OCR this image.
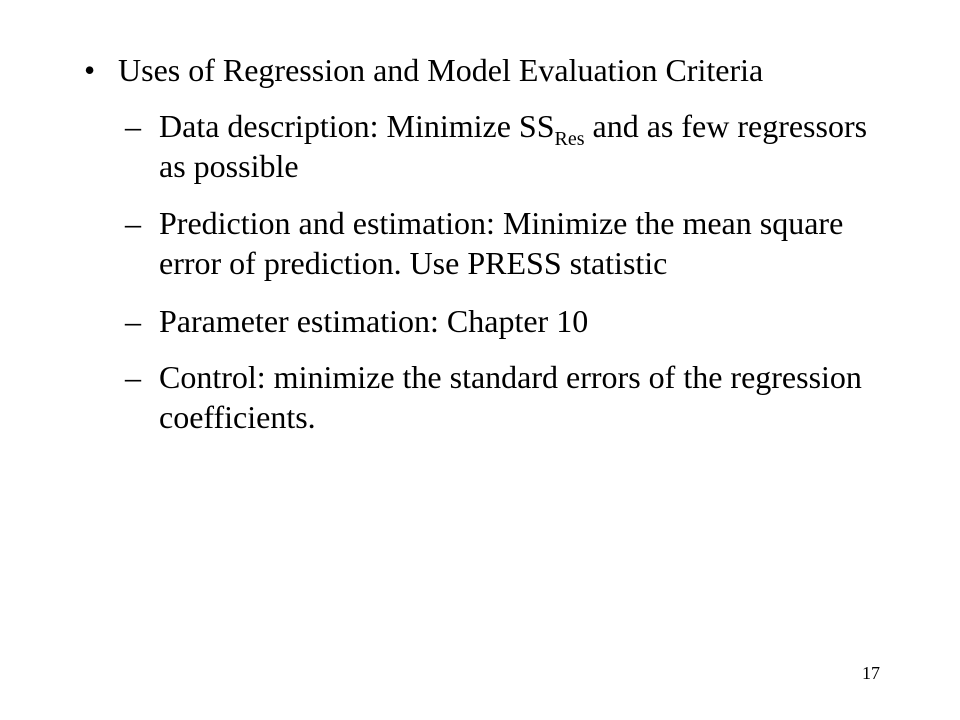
• Uses of Regression and Model Evaluation Criteria
– Data description: Minimize $SS_{Res}$ and as few regressors as possible
– Prediction and estimation: Minimize the mean square error of prediction. Use PRESS statistic
– Parameter estimation: Chapter 10
– Control: minimize the standard errors of the regression coefficients.
17
